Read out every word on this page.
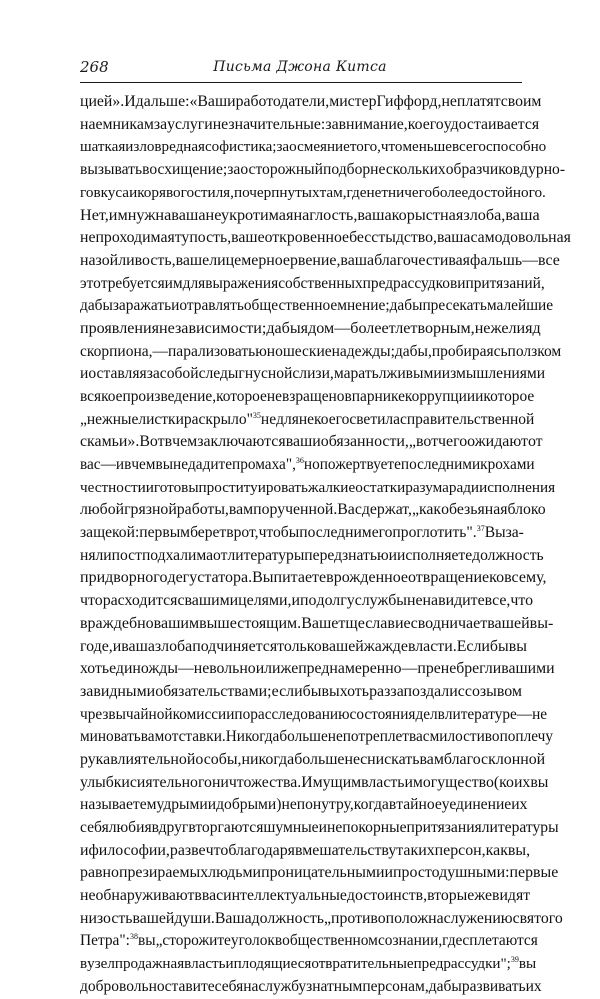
268	Письма Джона Китса
цией». И дальше: «Ваши работодатели, мистер Гиффорд, не платят своим
наемникам за услуги незначительные: за внимание, коего удостаивается
шаткая и зловредная софистика; за осмеяние того, что меньше всего способно
вызывать восхищение; за осторожный подбор нескольких образчиков дурно-
го вкуса и корявого стиля, почерпнутых там, где нет ничего более достойного.
Нет, им нужна ваша неукротимая наглость, ваша корыстная злоба, ваша
непроходимая тупость, ваше откровенное бесстыдство, ваша самодовольная
назойливость, ваше лицемерное рвение, ваша благочестивая фальшь — все
это требуется им для выражения собственных предрассудков и притязаний,
дабы заражать и отравлять общественное мнение; дабы пресекать малейшие
проявления независимости; дабы ядом — более тлетворным, нежели яд
скорпиона, — парализовать юношеские надежды; дабы, пробираясь ползком
и оставляя за собой следы гнусной слизи, марать лживыми измышлениями
всякое произведение, которое не взращено в парнике коррупции и которое
„нежные листки раскрыло"$^{35}$ не для некоего светила с правительственной
скамьи». Вот в чем заключаются ваши обязанности, „вот чего ожидают от
вас — и в чем вы не дадите промаха",$^{36}$ но пожертвуете последними крохами
честности и готовы проституировать жалкие остатки разума ради исполнения
любой грязной работы, вам порученной. Вас держат, „как обезьяна яблоко
за щекой: первым берет в рот, чтобы последним его проглотить".$^{37}$ Вы за-
няли пост подхалима от литературы перед знатью и исполняете должность
придворного дегустатора. Вы питаете врожденное отвращение ко всему,
что расходится с вашими целями, и по долгу службы ненавидите все, что
враждебно вашим вышестоящим. Ваше тщеславие сводничает вашей вы-
годе, и ваша злоба подчиняется только вашей жажде власти. Если бы вы
хоть единожды — невольно или же преднамеренно — пренебрегли вашими
завидными обязательствами; если бы вы хоть раз запоздали с созывом
чрезвычайной комиссии по расследованию состояния дел в литературе — не
миновать вам отставки. Никогда больше не потреплет вас милостиво по плечу
рука влиятельной особы, никогда больше не снискать вам благосклонной
улыбки сиятельного ничтожества. Имущим власть и могущество (коих вы
называете мудрыми и добрыми) не по нутру, когда в тайное уединение их
себялюбия вдруг вторгаются шумные и непокорные притязания литературы
и философии, разве что благодаря вмешательству таких персон, как вы,
равно презираемых людьми проницательными и простодушными: первые
не обнаруживают в вас интеллектуальные достоинств, вторые же видят
низость вашей души. Ваша должность „противоположна служению святого
Петра":$^{38}$ вы „сторожите уголок в общественном сознании, где сплетаются
в узел продажная власть и плодящиеся отвратительные предрассудки";$^{39}$ вы
добровольно ставите себя на службу знатным персонам, дабы развивать их
